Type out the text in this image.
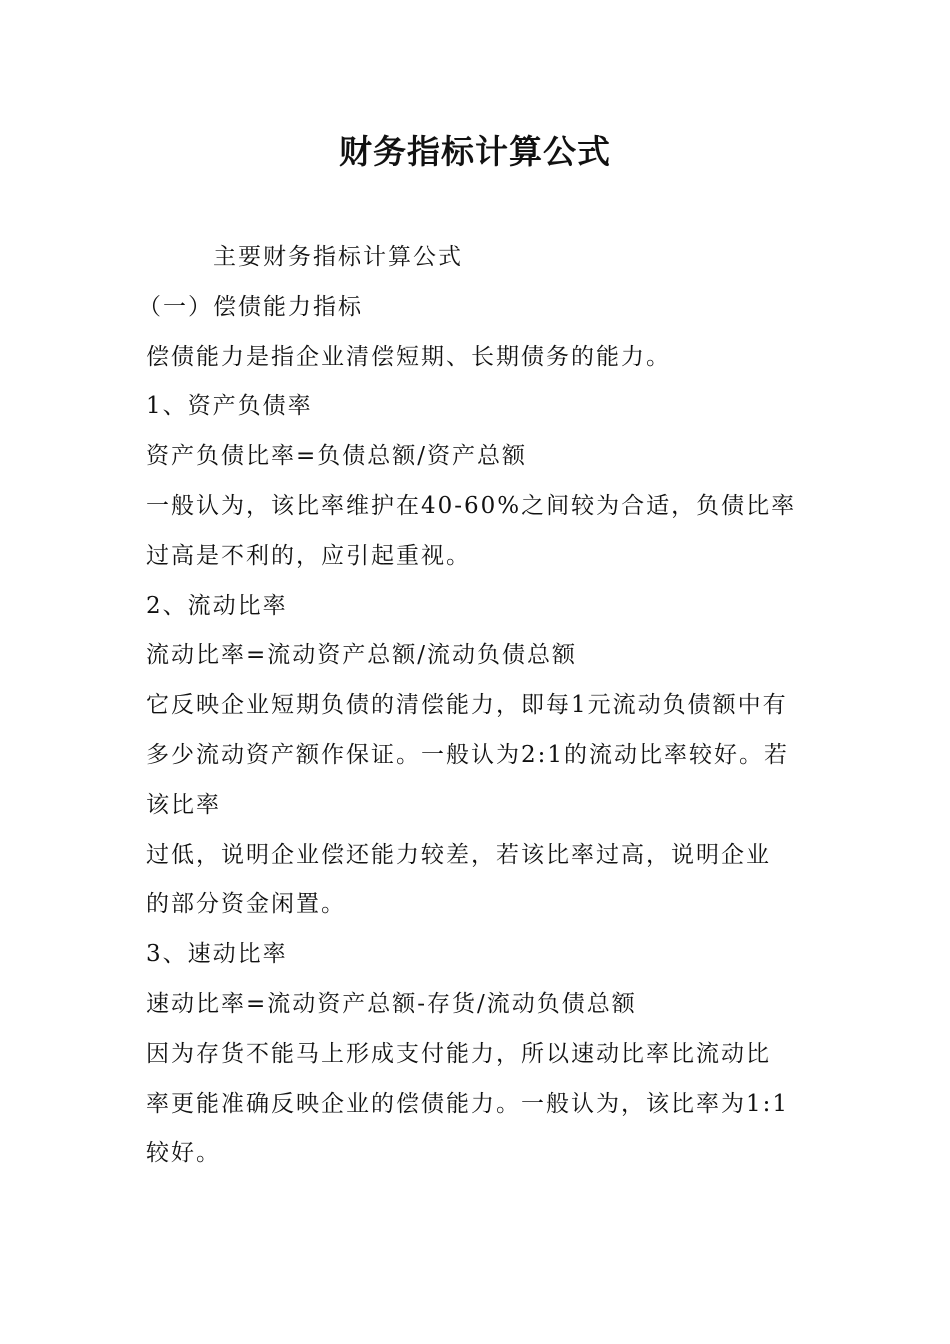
财务指标计算公式
主要财务指标计算公式
（一）偿债能力指标
偿债能力是指企业清偿短期、长期债务的能力。
1、资产负债率
资产负债比率=负债总额/资产总额
一般认为，该比率维护在40-60%之间较为合适，负债比率
过高是不利的，应引起重视。
2、流动比率
流动比率=流动资产总额/流动负债总额
它反映企业短期负债的清偿能力，即每1元流动负债额中有
多少流动资产额作保证。一般认为2:1的流动比率较好。若
该比率
过低，说明企业偿还能力较差，若该比率过高，说明企业
的部分资金闲置。
3、速动比率
速动比率=流动资产总额-存货/流动负债总额
因为存货不能马上形成支付能力，所以速动比率比流动比
率更能准确反映企业的偿债能力。一般认为，该比率为1:1
较好。
